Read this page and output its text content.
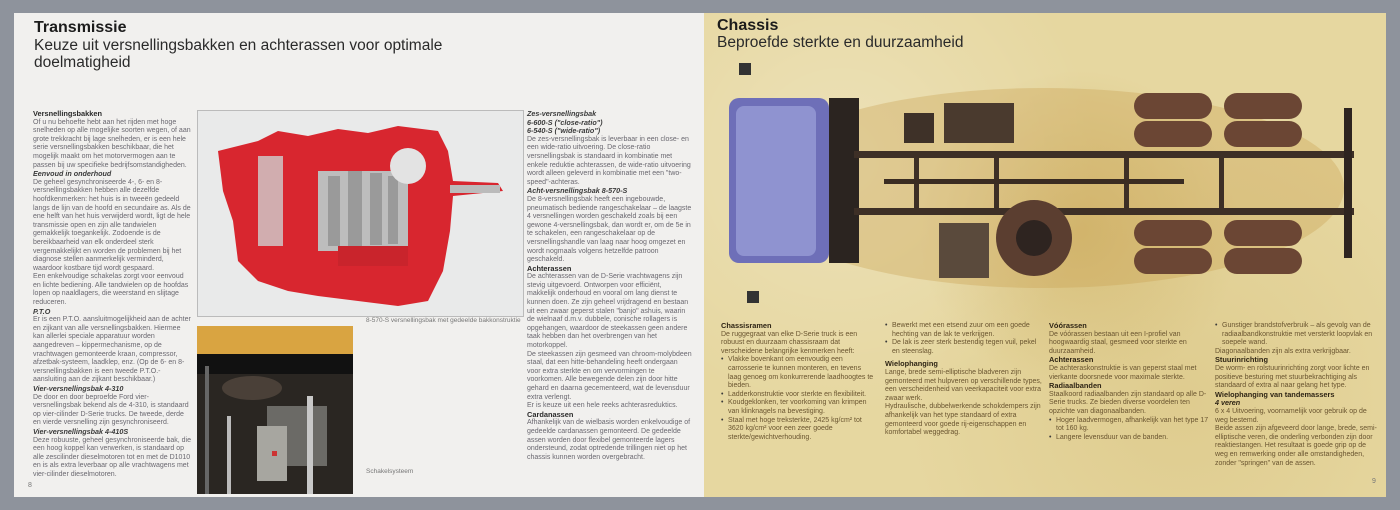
Transmissie
Keuze uit versnellingsbakken en achterassen voor optimale doelmatigheid
Versnellingsbakken

Of u nu behoefte hebt aan het rijden met hoge snelheden op alle mogelijke soorten wegen, of aan grote trekkracht bij lage snelheden, er is een hele serie versnellingsbakken beschikbaar, die het mogelijk maakt om het motorvermogen aan te passen bij uw specifieke bedrijfsomstandigheden.

Eenvoud in onderhoud

De geheel gesynchroniseerde 4-, 6- en 8-versnellingsbakken hebben alle dezelfde hoofdkenmerken: het huis is in tweeën gedeeld langs de lijn van de hoofd en secundaire as. Als de ene helft van het huis verwijderd wordt, ligt de hele transmissie open en zijn alle tandwielen gemakkelijk toegankelijk. Zodoende is de bereikbaarheid van elk onderdeel sterk vergemakkelijkt en worden de problemen bij het diagnose stellen aanmerkelijk verminderd, waardoor kostbare tijd wordt gespaard.

Een enkelvoudige schakelas zorgt voor eenvoud en lichte bediening. Alle tandwielen op de hoofdas lopen op naaldlagers, die weerstand en slijtage reduceren.

P.T.O

Er is een P.T.O. aansluitmogelijkheid aan de achter en zijkant van alle versnellingsbakken. Hiermee kan allerlei speciale apparatuur worden aangedreven – kippermechanisme, op de vrachtwagen gemonteerde kraan, compressor, afzetbak-systeem, laadklep, enz. (Op de 6- en 8-versnellingsbakken is een tweede P.T.O.-aansluiting aan de zijkant beschikbaar.)

Vier-versnellingsbak 4-310

De door en door beproefde Ford vier-versnellingsbak bekend als de 4-310, is standaard op vier-cilinder D-Serie trucks. De tweede, derde en vierde versnelling zijn gesynchroniseerd.

Vier-versnellingsbak 4-410S

Deze robuuste, geheel gesynchroniseerde bak, die een hoog koppel kan verwerken, is standaard op alle zescilinder dieselmotoren tot en met de D1010 en is als extra leverbaar op alle vrachtwagens met vier-cilinder dieselmotoren.

8-570-S versnellingsbak met gedeelde bakkonstruktie
Schakelsysteem
Zes-versnellingsbak
6-600-S ("close-ratio")
6-540-S ("wide-ratio")

De zes-versnellingsbak is leverbaar in een close- en een wide-ratio uitvoering. De close-ratio versnellingsbak is standaard in kombinatie met enkele reduktie achterassen, de wide-ratio uitvoering wordt alleen geleverd in kombinatie met een "two-speed"-achteras.

Acht-versnellingsbak 8-570-S

De 8-versnellingsbak heeft een ingebouwde, pneumatisch bediende rangeschakelaar – de laagste 4 versnellingen worden geschakeld zoals bij een gewone 4-versnellingsbak, dan wordt er, om de 5e in te schakelen, een rangeschakelaar op de versnellingshandle van laag naar hoog omgezet en wordt nogmaals volgens hetzelfde patroon geschakeld.

Achterassen

De achterassen van de D-Serie vrachtwagens zijn stevig uitgevoerd. Ontworpen voor efficiënt, makkelijk onderhoud en vooral om lang dienst te kunnen doen. Ze zijn geheel vrijdragend en bestaan uit een zwaar geperst stalen "banjo" ashuis, waarin de wielnaaf d.m.v. dubbele, conische rollagers is opgehangen, waardoor de steekassen geen andere taak hebben dan het overbrengen van het motorkoppel.

De steekassen zijn gesmeed van chroom-molybdeen staal, dat een hitte-behandeling heeft ondergaan voor extra sterkte en om vervormingen te voorkomen. Alle bewegende delen zijn door hitte gehard en daarna gecementeerd, wat de levensduur extra verlengt.

Er is keuze uit een hele reeks achterasreduktics.

Cardanassen

Afhankelijk van de wielbasis worden enkelvoudige of gedeelde cardanassen gemonteerd. De gedeelde assen worden door flexibel gemonteerde lagers ondersteund, zodat optredende trillingen niet op het chassis kunnen worden overgebracht.

8
Chassis
Beproefde sterkte en duurzaamheid
Chassisramen

De ruggegraat van elke D-Serie truck is een robuust en duurzaam chassisraam dat verscheidene belangrijke kenmerken heeft:

• Vlakke bovenkant om eenvoudig een carrosserie te kunnen monteren, en tevens laag genoeg om konkurrerende laadhoogtes te bieden.
• Ladderkonstruktie voor sterkte en flexibiliteit.
• Koudgeklonken, ter voorkoming van krimpen van klinknagels na bevestiging.
• Staal met hoge treksterkte, 2425 kg/cm² tot 3620 kg/cm² voor een zeer goede sterkte/gewichtverhouding.
• Bewerkt met een etsend zuur om een goede hechting van de lak te verkrijgen.
• De lak is zeer sterk bestendig tegen vuil, pekel en steenslag.
Wielophanging

Lange, brede semi-elliptische bladveren zijn gemonteerd met hulpveren op verschillende types, een verscheidenheid van veerkapaciteit voor extra zwaar werk.

Hydraulische, dubbelwerkende schokdempers zijn afhankelijk van het type standaard of extra gemonteerd voor goede rij-eigenschappen en komfortabel weggedrag.

Vóórassen

De vóórassen bestaan uit een I-profiel van hoogwaardig staal, gesmeed voor sterkte en duurzaamheid.

Achterassen

De achteraskonstruktie is van geperst staal met vierkante doorsnede voor maximale sterkte.

Radiaalbanden

Staalkoord radiaalbanden zijn standaard op alle D-Serie trucks. Ze bieden diverse voordelen ten opzichte van diagonaalbanden.

• Hoger laadvermogen, afhankelijk van het type 17 tot 160 kg.
• Langere levensduur van de banden.
• Gunstiger brandstofverbruik – als gevolg van de radiaalbandkonstruktie met versterkt loopvlak en soepele wand.

Diagonaalbanden zijn als extra verkrijgbaar.

Stuurinrichting

De worm- en rolstuurinrichting zorgt voor lichte en positieve besturing met stuurbekrachtiging als standaard of extra al naar gelang het type.

Wielophanging van tandemassers
4 veren

6 x 4 Uitvoering, voornamelijk voor gebruik op de weg bestemd.

Beide assen zijn afgeveerd door lange, brede, semi-elliptische veren, die onderling verbonden zijn door reaktiestangen. Het resultaat is goede grip op de weg en remwerking onder alle omstandigheden, zonder "springen" van de assen.

9
